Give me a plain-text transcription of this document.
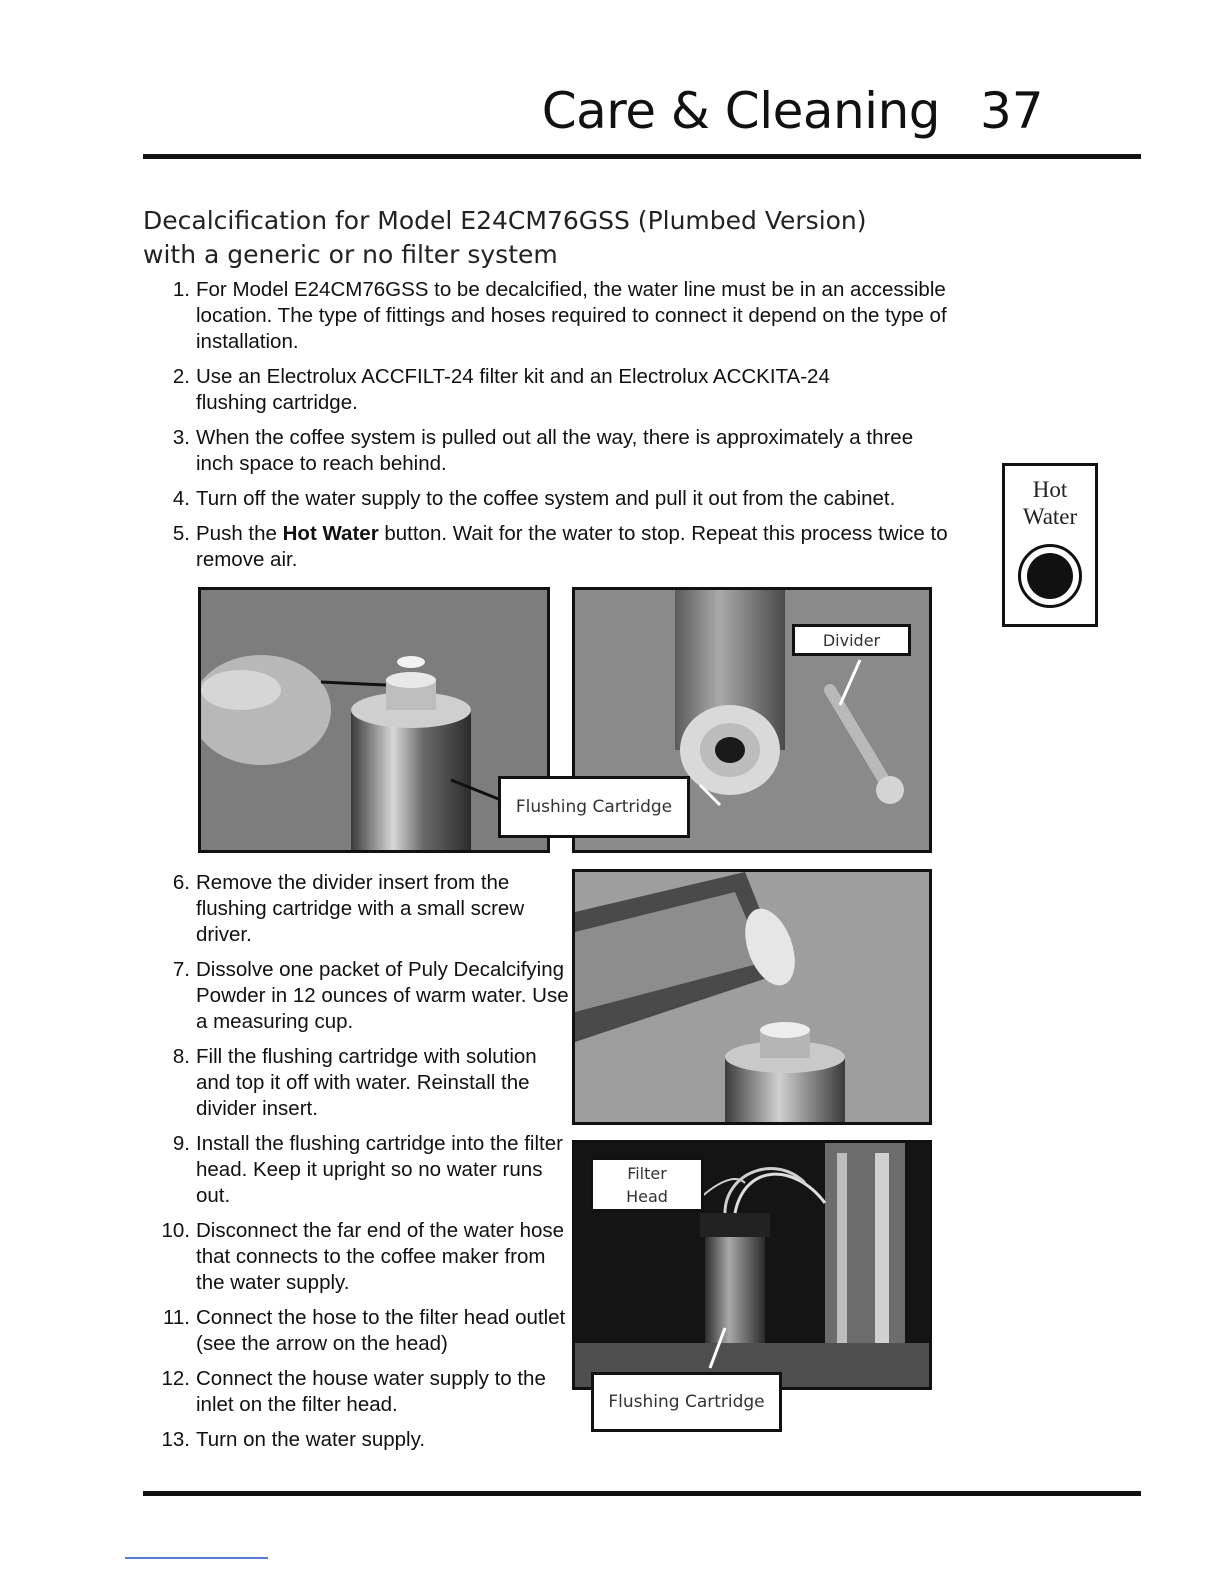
Care & Cleaning 37
Decalcification for Model E24CM76GSS (Plumbed Version) with a generic or no filter system
1. For Model E24CM76GSS to be decalcified, the water line must be in an accessible location. The type of fittings and hoses required to connect it depend on the type of installation.
2. Use an Electrolux ACCFILT-24 filter kit and an Electrolux ACCKITA-24 flushing cartridge.
3. When the coffee system is pulled out all the way, there is approximately a three inch space to reach behind.
4. Turn off the water supply to the coffee system and pull it out from the cabinet.
5. Push the Hot Water button. Wait for the water to stop. Repeat this process twice to remove air.
Hot
Water
Flushing Cartridge
Divider
6. Remove the divider insert from the flushing cartridge with a small screw driver.
7. Dissolve one packet of Puly Decalcifying Powder in 12 ounces of warm water. Use a measuring cup.
8. Fill the flushing cartridge with solution and top it off with water. Reinstall the divider insert.
9. Install the flushing cartridge into the filter head. Keep it upright so no water runs out.
10. Disconnect the far end of the water hose that connects to the coffee maker from the water supply.
11. Connect the hose to the filter head outlet (see the arrow on the head)
12. Connect the house water supply to the inlet on the filter head.
13. Turn on the water supply.
Filter
Head
Flushing Cartridge
